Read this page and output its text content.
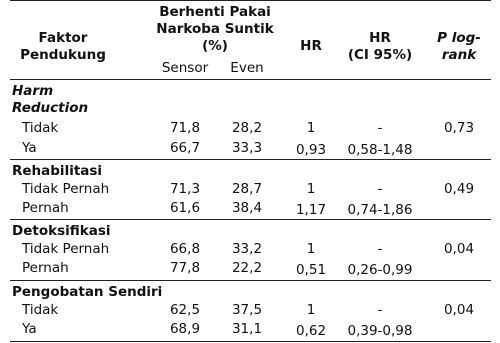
Faktor
Pendukung
Berhenti Pakai
Narkoba Suntik
(%)
Sensor Even
HR	HR
(CI 95%)
P log-
rank
Harm
Reduction
Tidak	71,8 28,2	1	-	0,73
Ya	66,7 33,3	0,93 0,58-1,48
Rehabilitasi
Tidak Pernah	71,3 28,7	1	-	0,49
Pernah	61,6 38,4	1,17 0,74-1,86
Detoksifikasi
Tidak Pernah	66,8 33,2	1	-	0,04
Pernah	77,8 22,2	0,51 0,26-0,99
Pengobatan Sendiri
Tidak	62,5 37,5	1	-	0,04
Ya	68,9 31,1	0,62 0,39-0,98
